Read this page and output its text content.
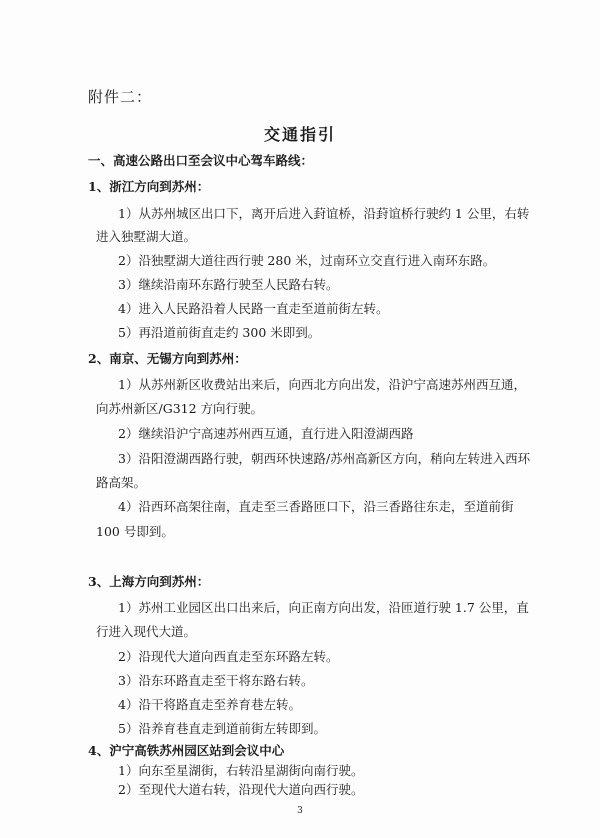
附件二：
交通指引
一、高速公路出口至会议中心驾车路线：
1、浙江方向到苏州：
1）从苏州城区出口下，离开后进入葑谊桥，沿葑谊桥行驶约 1 公里，右转
进入独墅湖大道。
2）沿独墅湖大道往西行驶 280 米，过南环立交直行进入南环东路。
3）继续沿南环东路行驶至人民路右转。
4）进入人民路沿着人民路一直走至道前街左转。
5）再沿道前街直走约 300 米即到。
2、南京、无锡方向到苏州：
1）从苏州新区收费站出来后，向西北方向出发，沿沪宁高速苏州西互通，
向苏州新区/G312 方向行驶。
2）继续沿沪宁高速苏州西互通，直行进入阳澄湖西路
3）沿阳澄湖西路行驶，朝西环快速路/苏州高新区方向，稍向左转进入西环
路高架。
4）沿西环高架往南，直走至三香路匝口下，沿三香路往东走，至道前街
100 号即到。
3、上海方向到苏州：
1）苏州工业园区出口出来后，向正南方向出发，沿匝道行驶 1.7 公里，直
行进入现代大道。
2）沿现代大道向西直走至东环路左转。
3）沿东环路直走至干将东路右转。
4）沿干将路直走至养育巷左转。
5）沿养育巷直走到道前街左转即到。
4、沪宁高铁苏州园区站到会议中心
1）向东至星湖街，右转沿星湖街向南行驶。
2）至现代大道右转，沿现代大道向西行驶。
3
